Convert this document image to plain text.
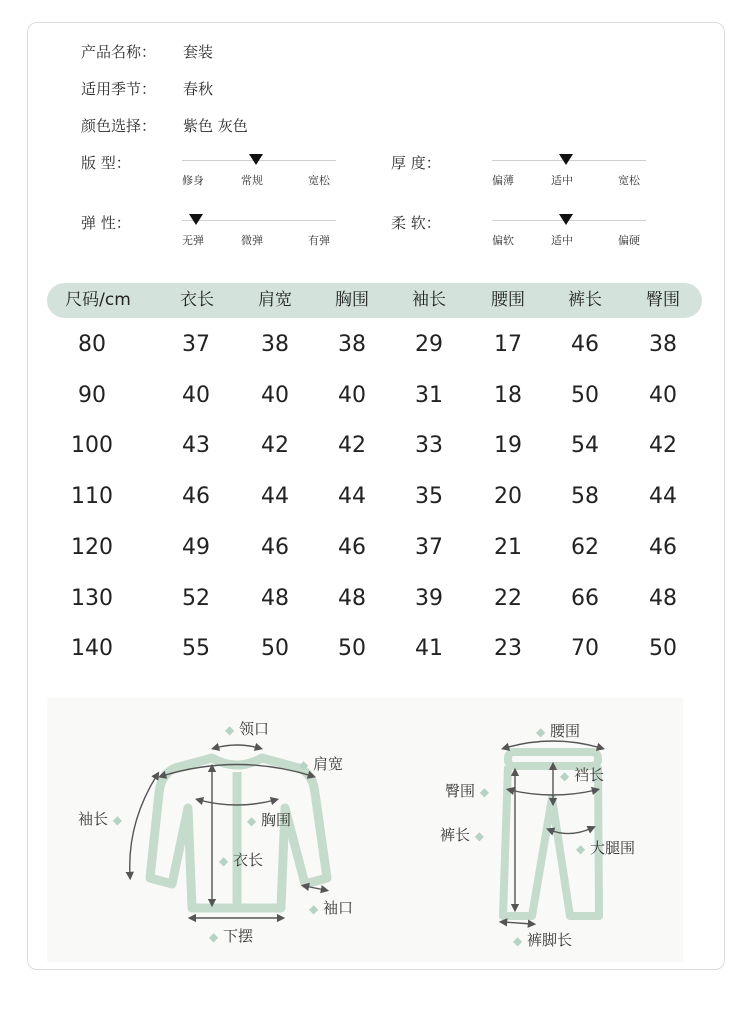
产品名称： 套装
适用季节： 春秋
颜色选择： 紫色 灰色
版 型：
修身	常规	宽松
厚 度：
偏薄	适中	宽松
弹 性：
无弹	微弹	有弹
柔 软：
偏软	适中	偏硬
尺码/cm	衣长	肩宽	胸围	袖长	腰围	裤长	臀围
80	37 38 38 29 17 46 38
90	40 40 40 31 18 50 40
100	43 42 42 33 19 54 42
110	46 44 44 35 20 58 44
120	49 46 46 37 21 62 46
130	52 48 48 39 22 66 48
140	55 50 50 41 23 70 50
◆ 领口
◆ 肩宽
袖长 ◆	◆ 胸围
◆ 衣长
◆ 袖口
◆ 下摆
◆ 腰围
臀围 ◆
◆ 裆长
裤长 ◆
◆ 大腿围
◆ 裤脚长
